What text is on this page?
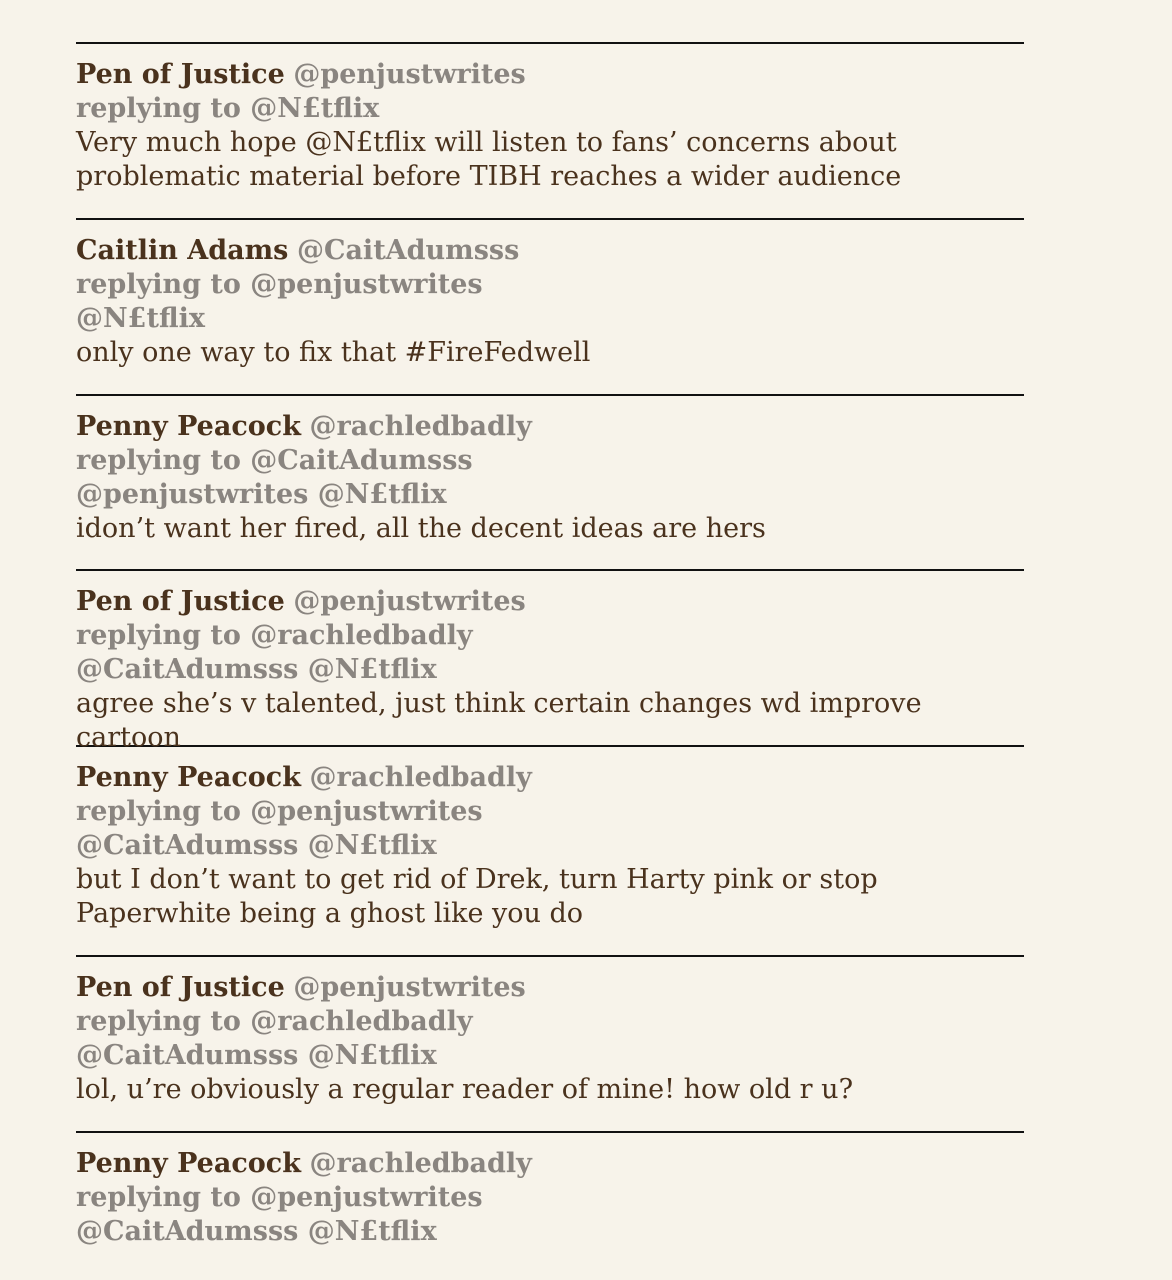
Pen of Justice @penjustwrites
replying to @N£tflix
Very much hope @N£tflix will listen to fans’ concerns about problematic material before TIBH reaches a wider audience
Caitlin Adams @CaitAdumsss
replying to @penjustwrites
@N£tflix
only one way to fix that #FireFedwell
Penny Peacock @rachledbadly
replying to @CaitAdumsss
@penjustwrites @N£tflix
idon’t want her fired, all the decent ideas are hers
Pen of Justice @penjustwrites
replying to @rachledbadly
@CaitAdumsss @N£tflix
agree she’s v talented, just think certain changes wd improve cartoon
Penny Peacock @rachledbadly
replying to @penjustwrites
@CaitAdumsss @N£tflix
but I don’t want to get rid of Drek, turn Harty pink or stop Paperwhite being a ghost like you do
Pen of Justice @penjustwrites
replying to @rachledbadly
@CaitAdumsss @N£tflix
lol, u’re obviously a regular reader of mine! how old r u?
Penny Peacock @rachledbadly
replying to @penjustwrites
@CaitAdumsss @N£tflix
